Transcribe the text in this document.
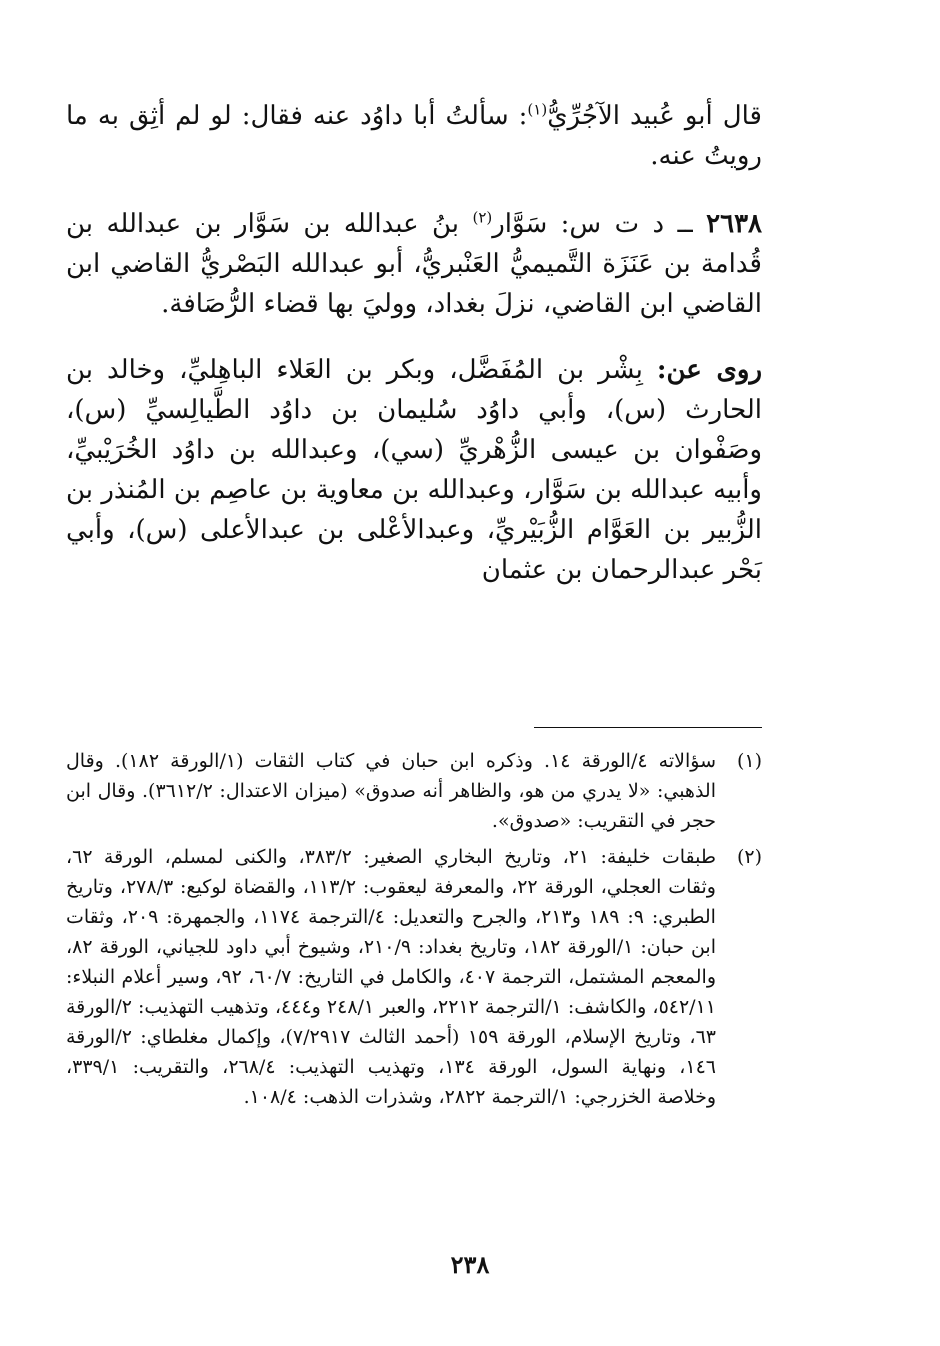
قال أبو عُبيد الآجُرِّيُّ$^{(١)}$: سألتُ أبا داوُد عنه فقال: لو لم أثِق به ما رويتُ عنه.

٢٦٣٨ ــ د ت س: سَوَّار$^{(٢)}$ بنُ عبدالله بن سَوَّار بن عبدالله بن قُدامة بن عَنَزَة التَّميميُّ العَنْبريُّ، أبو عبدالله البَصْريُّ القاضي ابن القاضي ابن القاضي، نزلَ بغداد، ووليَ بها قضاء الرُّصَافة.

روى عن: بِشْر بن المُفَضَّل، وبكر بن العَلاء الباهِليِّ، وخالد بن الحارث (س)، وأبي داوُد سُليمان بن داوُد الطَّيالِسيِّ (س)، وصَفْوان بن عيسى الزُّهْريِّ (سي)، وعبدالله بن داوُد الخُرَيْبيِّ، وأبيه عبدالله بن سَوَّار، وعبدالله بن معاوية بن عاصِم بن المُنذر بن الزُّبير بن العَوَّام الزُّبَيْريِّ، وعبدالأعْلى بن عبدالأعلى (س)، وأبي بَحْر عبدالرحمان بن عثمان

(١)
سؤالاته ٤/الورقة ١٤. وذكره ابن حبان في كتاب الثقات (١/الورقة ١٨٢). وقال الذهبي: «لا يدري من هو، والظاهر أنه صدوق» (ميزان الاعتدال: ٣٦١٢/٢). وقال ابن حجر في التقريب: «صدوق».
(٢)
طبقات خليفة: ٢١، وتاريخ البخاري الصغير: ٣٨٣/٢، والكنى لمسلم، الورقة ٦٢، وثقات العجلي، الورقة ٢٢، والمعرفة ليعقوب: ١١٣/٢، والقضاة لوكيع: ٢٧٨/٣، وتاريخ الطبري: ٩: ١٨٩ و٢١٣، والجرح والتعديل: ٤/الترجمة ١١٧٤، والجمهرة: ٢٠٩، وثقات ابن حبان: ١/الورقة ١٨٢، وتاريخ بغداد: ٢١٠/٩، وشيوخ أبي داود للجياني، الورقة ٨٢، والمعجم المشتمل، الترجمة ٤٠٧، والكامل في التاريخ: ٦٠/٧، ٩٢، وسير أعلام النبلاء: ٥٤٢/١١، والكاشف: ١/الترجمة ٢٢١٢، والعبر ٢٤٨/١ و٤٤٤، وتذهيب التهذيب: ٢/الورقة ٦٣، وتاريخ الإسلام، الورقة ١٥٩ (أحمد الثالث ٧/٢٩١٧)، وإكمال مغلطاي: ٢/الورقة ١٤٦، ونهاية السول، الورقة ١٣٤، وتهذيب التهذيب: ٢٦٨/٤، والتقريب: ٣٣٩/١، وخلاصة الخزرجي: ١/الترجمة ٢٨٢٢، وشذرات الذهب: ١٠٨/٤.
٢٣٨
